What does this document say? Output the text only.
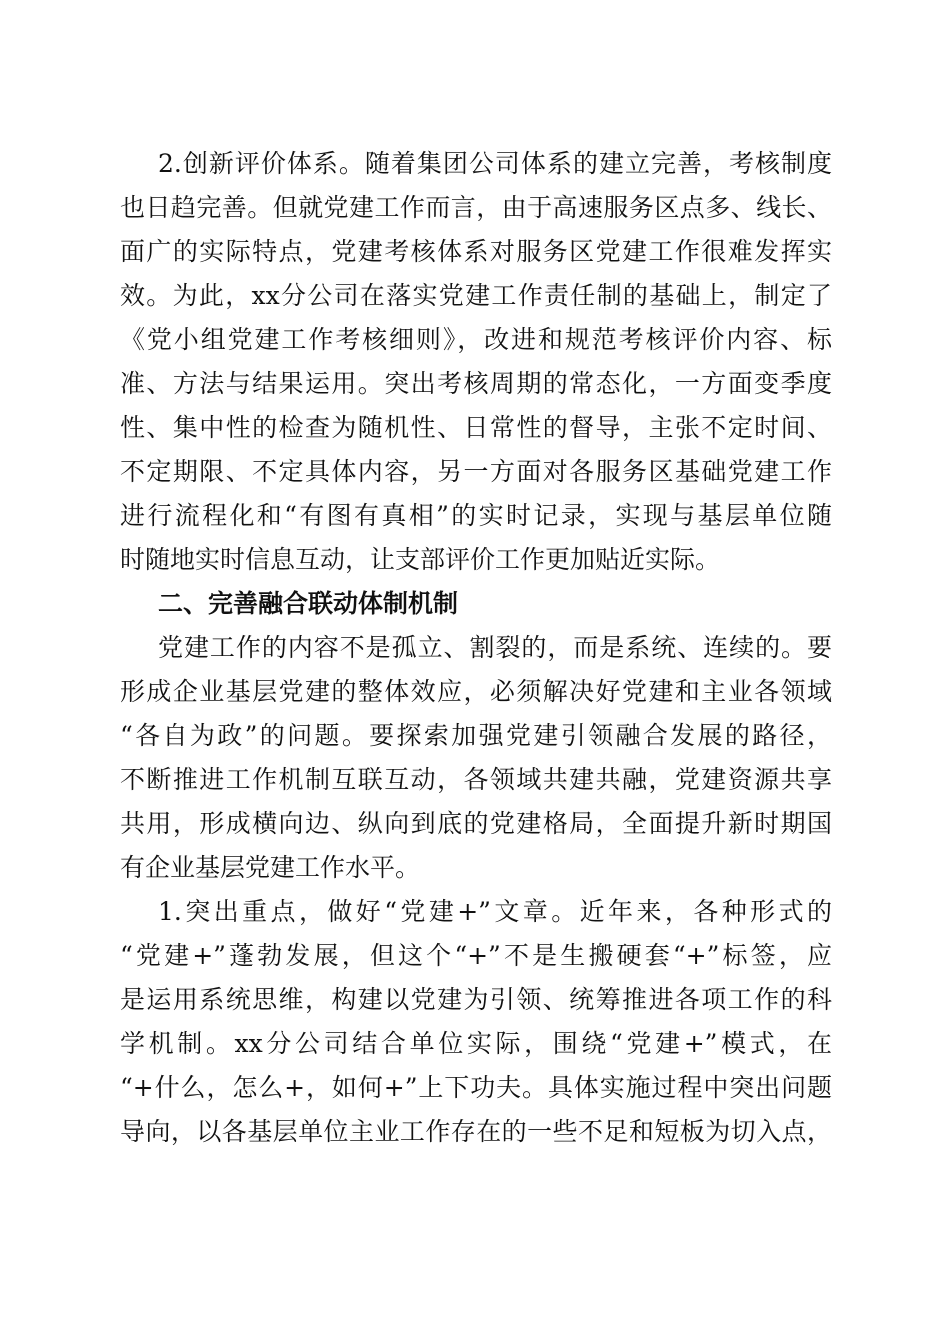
2.创新评价体系。随着集团公司体系的建立完善，考核制度
也日趋完善。但就党建工作而言，由于高速服务区点多、线长、
面广的实际特点，党建考核体系对服务区党建工作很难发挥实
效。为此，xx分公司在落实党建工作责任制的基础上，制定了
《党小组党建工作考核细则》，改进和规范考核评价内容、标
准、方法与结果运用。突出考核周期的常态化，一方面变季度
性、集中性的检查为随机性、日常性的督导，主张不定时间、
不定期限、不定具体内容，另一方面对各服务区基础党建工作
进行流程化和“有图有真相”的实时记录，实现与基层单位随
时随地实时信息互动，让支部评价工作更加贴近实际。
二、完善融合联动体制机制
党建工作的内容不是孤立、割裂的，而是系统、连续的。要
形成企业基层党建的整体效应，必须解决好党建和主业各领域
“各自为政”的问题。要探索加强党建引领融合发展的路径，
不断推进工作机制互联互动，各领域共建共融，党建资源共享
共用，形成横向边、纵向到底的党建格局，全面提升新时期国
有企业基层党建工作水平。
1.突出重点，做好“党建+”文章。近年来，各种形式的
“党建+”蓬勃发展，但这个“+”不是生搬硬套“+”标签，应
是运用系统思维，构建以党建为引领、统筹推进各项工作的科
学机制。xx分公司结合单位实际，围绕“党建+”模式，在
“+什么，怎么+，如何+”上下功夫。具体实施过程中突出问题
导向，以各基层单位主业工作存在的一些不足和短板为切入点，
